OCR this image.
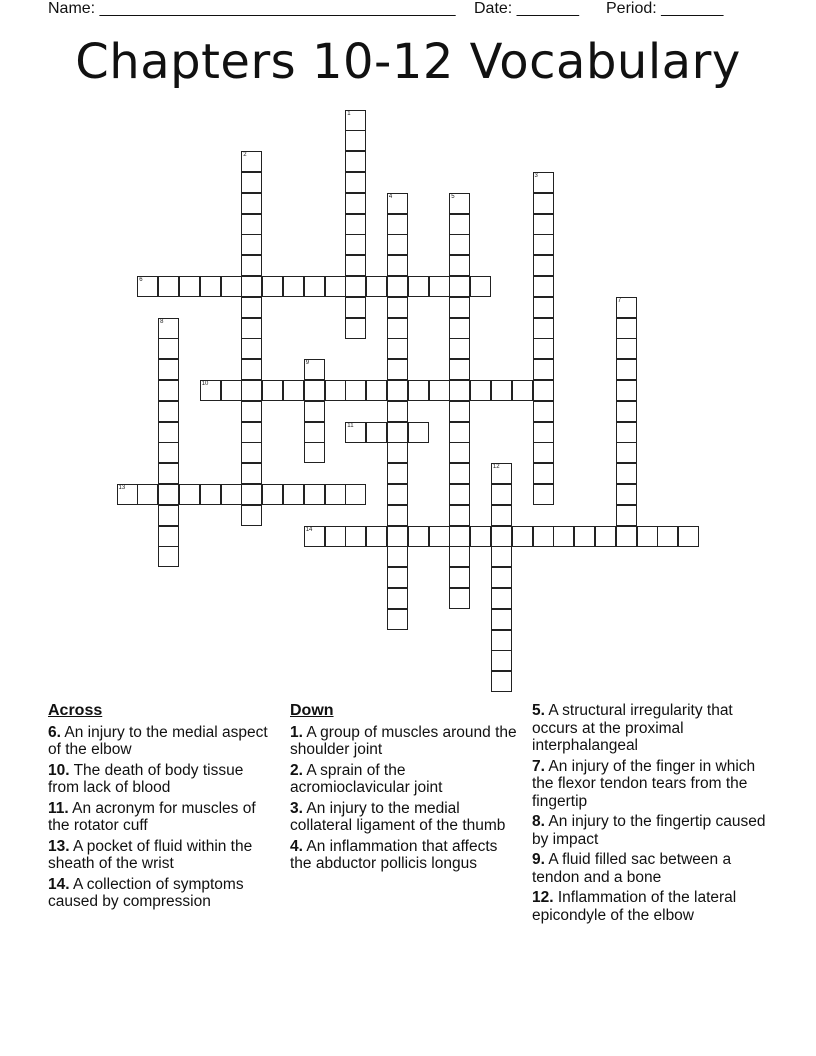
Name: ________________________________________ Date: _______ Period: _______
Chapters 10-12 Vocabulary
1
2
3
4	5
6
7
8
9
10
11
12
13
14
Across
6. An injury to the medial aspect of the elbow
10. The death of body tissue from lack of blood
11. An acronym for muscles of the rotator cuff
13. A pocket of fluid within the sheath of the wrist
14. A collection of symptoms caused by compression
Down
1. A group of muscles around the shoulder joint
2. A sprain of the acromioclavicular joint
3. An injury to the medial collateral ligament of the thumb
4. An inflammation that affects the abductor pollicis longus
5. A structural irregularity that occurs at the proximal interphalangeal
7. An injury of the finger in which the flexor tendon tears from the fingertip
8. An injury to the fingertip caused by impact
9. A fluid filled sac between a tendon and a bone
12. Inflammation of the lateral epicondyle of the elbow
